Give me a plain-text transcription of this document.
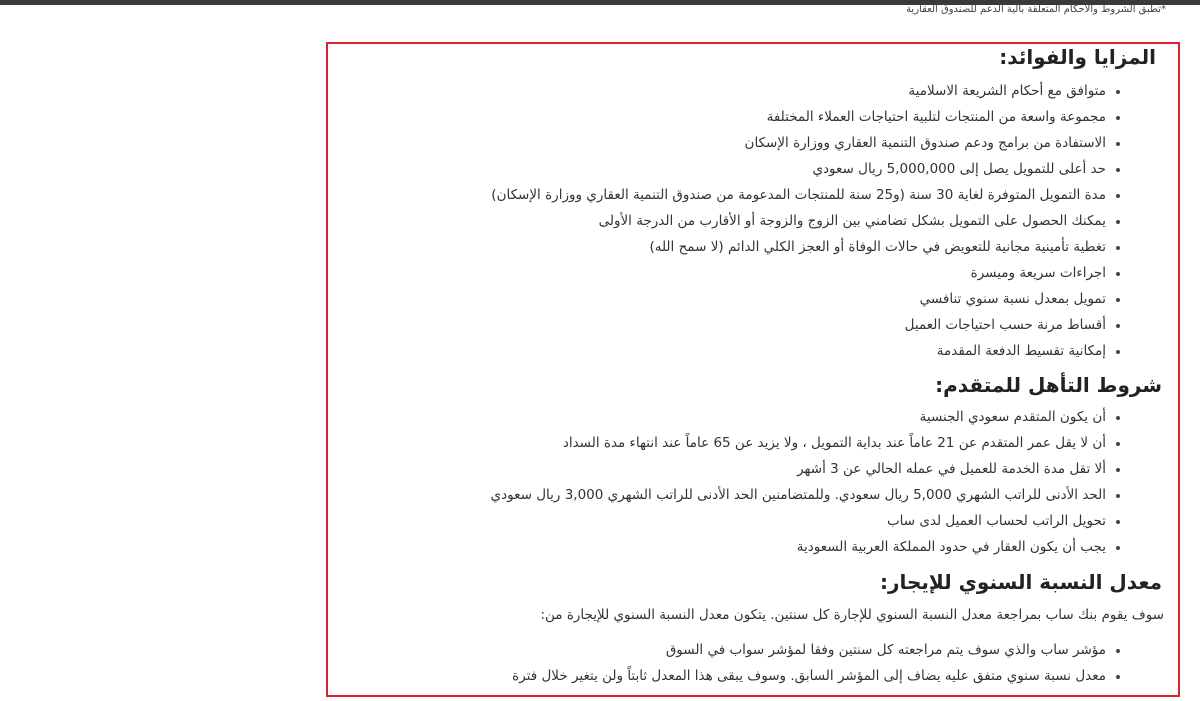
*تطبق الشروط والأحكام المتعلقة بآلية الدعم للصندوق العقارية
المزايا والفوائد:
• متوافق مع أحكام الشريعة الاسلامية
• مجموعة واسعة من المنتجات لتلبية احتياجات العملاء المختلفة
• الاستفادة من برامج ودعم صندوق التنمية العقاري ووزارة الإسكان
• حد أعلى للتمويل يصل إلى 5,000,000 ريال سعودي
• مدة التمويل المتوفرة لغاية 30 سنة (و25 سنة للمنتجات المدعومة من صندوق التنمية العقاري ووزارة الإسكان)
• يمكنك الحصول على التمويل بشكل تضامني بين الزوج والزوجة أو الأقارب من الدرجة الأولى
• تغطية تأمينية مجانية للتعويض في حالات الوفاة أو العجز الكلي الدائم (لا سمح الله)
• اجراءات سريعة وميسرة
• تمويل بمعدل نسبة سنوي تنافسي
• أقساط مرنة حسب احتياجات العميل
• إمكانية تقسيط الدفعة المقدمة
شروط التأهل للمتقدم:
• أن يكون المتقدم سعودي الجنسية
• أن لا يقل عمر المتقدم عن 21 عاماً عند بداية التمويل ، ولا يزيد عن 65 عاماً عند انتهاء مدة السداد
• ألا تقل مدة الخدمة للعميل في عمله الحالي عن 3 أشهر
• الحد الأدنى للراتب الشهري 5,000 ريال سعودي. وللمتضامنين الحد الأدنى للراتب الشهري 3,000 ريال سعودي
• تحويل الراتب لحساب العميل لدى ساب
• يجب أن يكون العقار في حدود المملكة العربية السعودية
معدل النسبة السنوي للإيجار:

سوف يقوم بنك ساب بمراجعة معدل النسبة السنوي للإجارة كل سنتين. يتكون معدل النسبة السنوي للإيجارة من:

• مؤشر ساب والذي سوف يتم مراجعته كل سنتين وفقا لمؤشر سواب في السوق
• معدل نسبة سنوي متفق عليه يضاف إلى المؤشر السابق. وسوف يبقى هذا المعدل ثابتاً ولن يتغير خلال فترة
